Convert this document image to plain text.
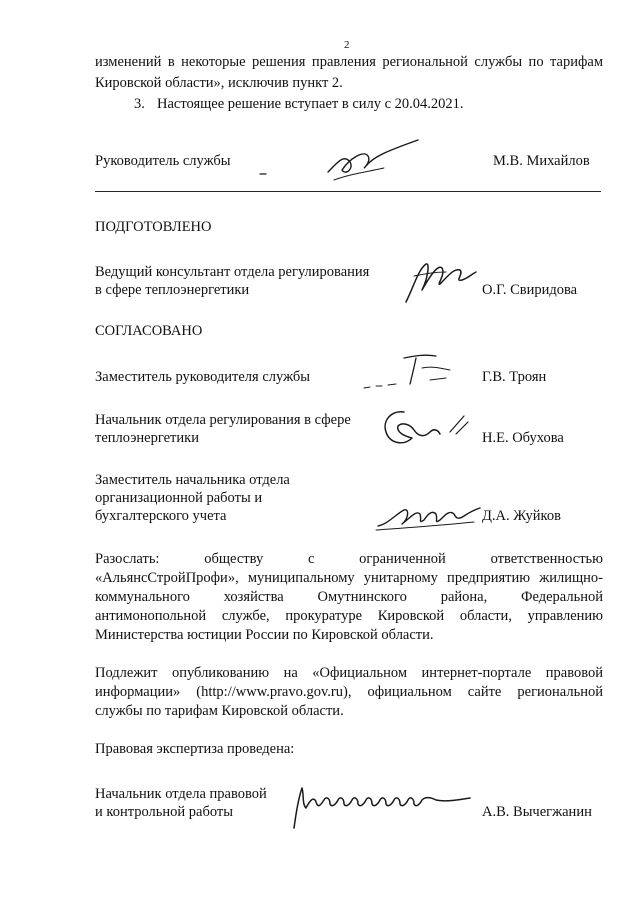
2
изменений в некоторые решения правления региональной службы по тарифам
Кировской области», исключив пункт 2.
3. Настоящее решение вступает в силу с 20.04.2021.
Руководитель службы	М.В. Михайлов
ПОДГОТОВЛЕНО
Ведущий консультант отдела регулирования
в сфере теплоэнергетики	О.Г. Свиридова
СОГЛАСОВАНО
Заместитель руководителя службы	Г.В. Троян
Начальник отдела регулирования в сфере
теплоэнергетики	Н.Е. Обухова
Заместитель начальника отдела
организационной работы и
бухгалтерского учета	Д.А. Жуйков
Разослать: обществу с ограниченной ответственностью
«АльянсСтройПрофи», муниципальному унитарному предприятию жилищно-
коммунального хозяйства Омутнинского района, Федеральной
антимонопольной службе, прокуратуре Кировской области, управлению
Министерства юстиции России по Кировской области.
Подлежит опубликованию на «Официальном интернет-портале правовой
информации» (http://www.pravo.gov.ru), официальном сайте региональной
службы по тарифам Кировской области.
Правовая экспертиза проведена:
Начальник отдела правовой
и контрольной работы	А.В. Вычегжанин
